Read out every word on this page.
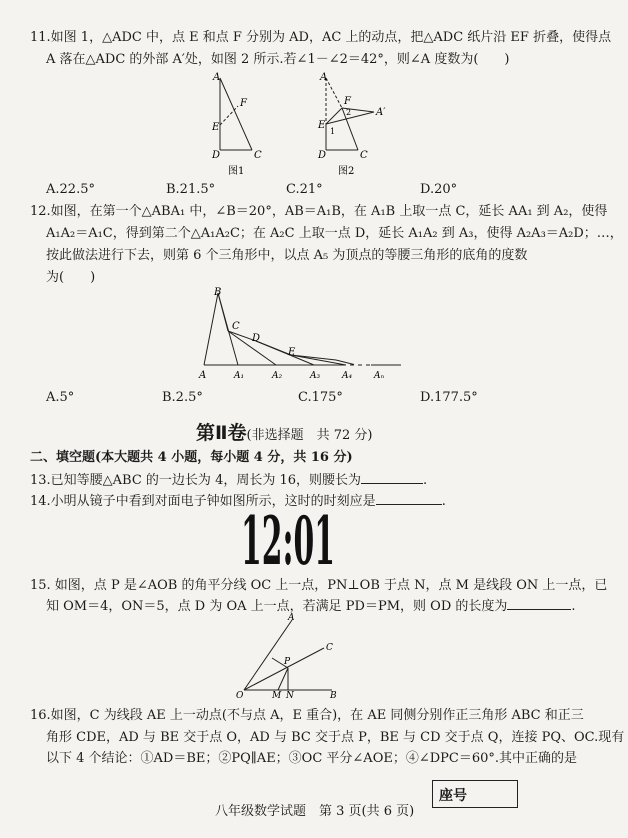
11.如图 1，△ADC 中，点 E 和点 F 分别为 AD，AC 上的动点，把△ADC 纸片沿 EF 折叠，使得点
A 落在△ADC 的外部 A′处，如图 2 所示.若∠1－∠2＝42°，则∠A 度数为(　　)
A
F
E
D	C
图1
A
A′
F
E
2
1
D	C
图2
A.22.5°	B.21.5°	C.21°	D.20°
12.如图，在第一个△ABA₁ 中，∠B＝20°，AB＝A₁B，在 A₁B 上取一点 C，延长 AA₁ 到 A₂，使得
A₁A₂＝A₁C，得到第二个△A₁A₂C；在 A₂C 上取一点 D，延长 A₁A₂ 到 A₃，使得 A₂A₃＝A₂D；…，
按此做法进行下去，则第 6 个三角形中，以点 A₅ 为顶点的等腰三角形的底角的度数
为(　　)
B
C
D
E
A	A₁	A₂	A₃ A₄ Aₙ
A.5°	B.2.5°	C.175°	D.177.5°
第Ⅱ卷(非选择题　共 72 分)
二、填空题(本大题共 4 小题，每小题 4 分，共 16 分)
13.已知等腰△ABC 的一边长为 4，周长为 16，则腰长为	.
14.小明从镜子中看到对面电子钟如图所示，这时的时刻应是	.
12:01
15. 如图，点 P 是∠AOB 的角平分线 OC 上一点，PN⊥OB 于点 N，点 M 是线段 ON 上一点，已
知 OM＝4，ON＝5，点 D 为 OA 上一点，若满足 PD＝PM，则 OD 的长度为	.
A
C
P
O	M N	B
16.如图，C 为线段 AE 上一动点(不与点 A，E 重合)，在 AE 同侧分别作正三角形 ABC 和正三
角形 CDE，AD 与 BE 交于点 O，AD 与 BC 交于点 P，BE 与 CD 交于点 Q，连接 PQ、OC.现有
以下 4 个结论：①AD＝BE；②PQ∥AE；③OC 平分∠AOE；④∠DPC＝60°.其中正确的是
八年级数学试题　第 3 页(共 6 页)
座号
